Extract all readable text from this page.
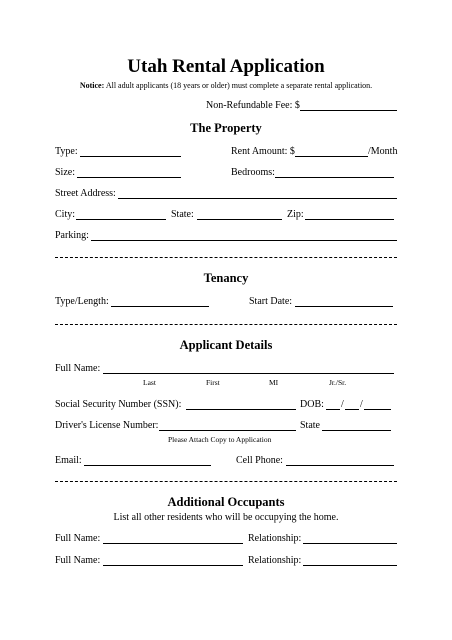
Utah Rental Application
Notice: All adult applicants (18 years or older) must complete a separate rental application.
Non-Refundable Fee: $
The Property
Type:	Rent Amount: $	/Month
Size:	Bedrooms:
Street Address:
City:	State:	Zip:
Parking:
Tenancy
Type/Length:	Start Date:
Applicant Details
Full Name:
Last	First	MI	Jr./Sr.
Social Security Number (SSN):	DOB: / /
Driver's License Number:	State
Please Attach Copy to Application
Email:	Cell Phone:
Additional Occupants
List all other residents who will be occupying the home.
Full Name:	Relationship:
Full Name:	Relationship:
